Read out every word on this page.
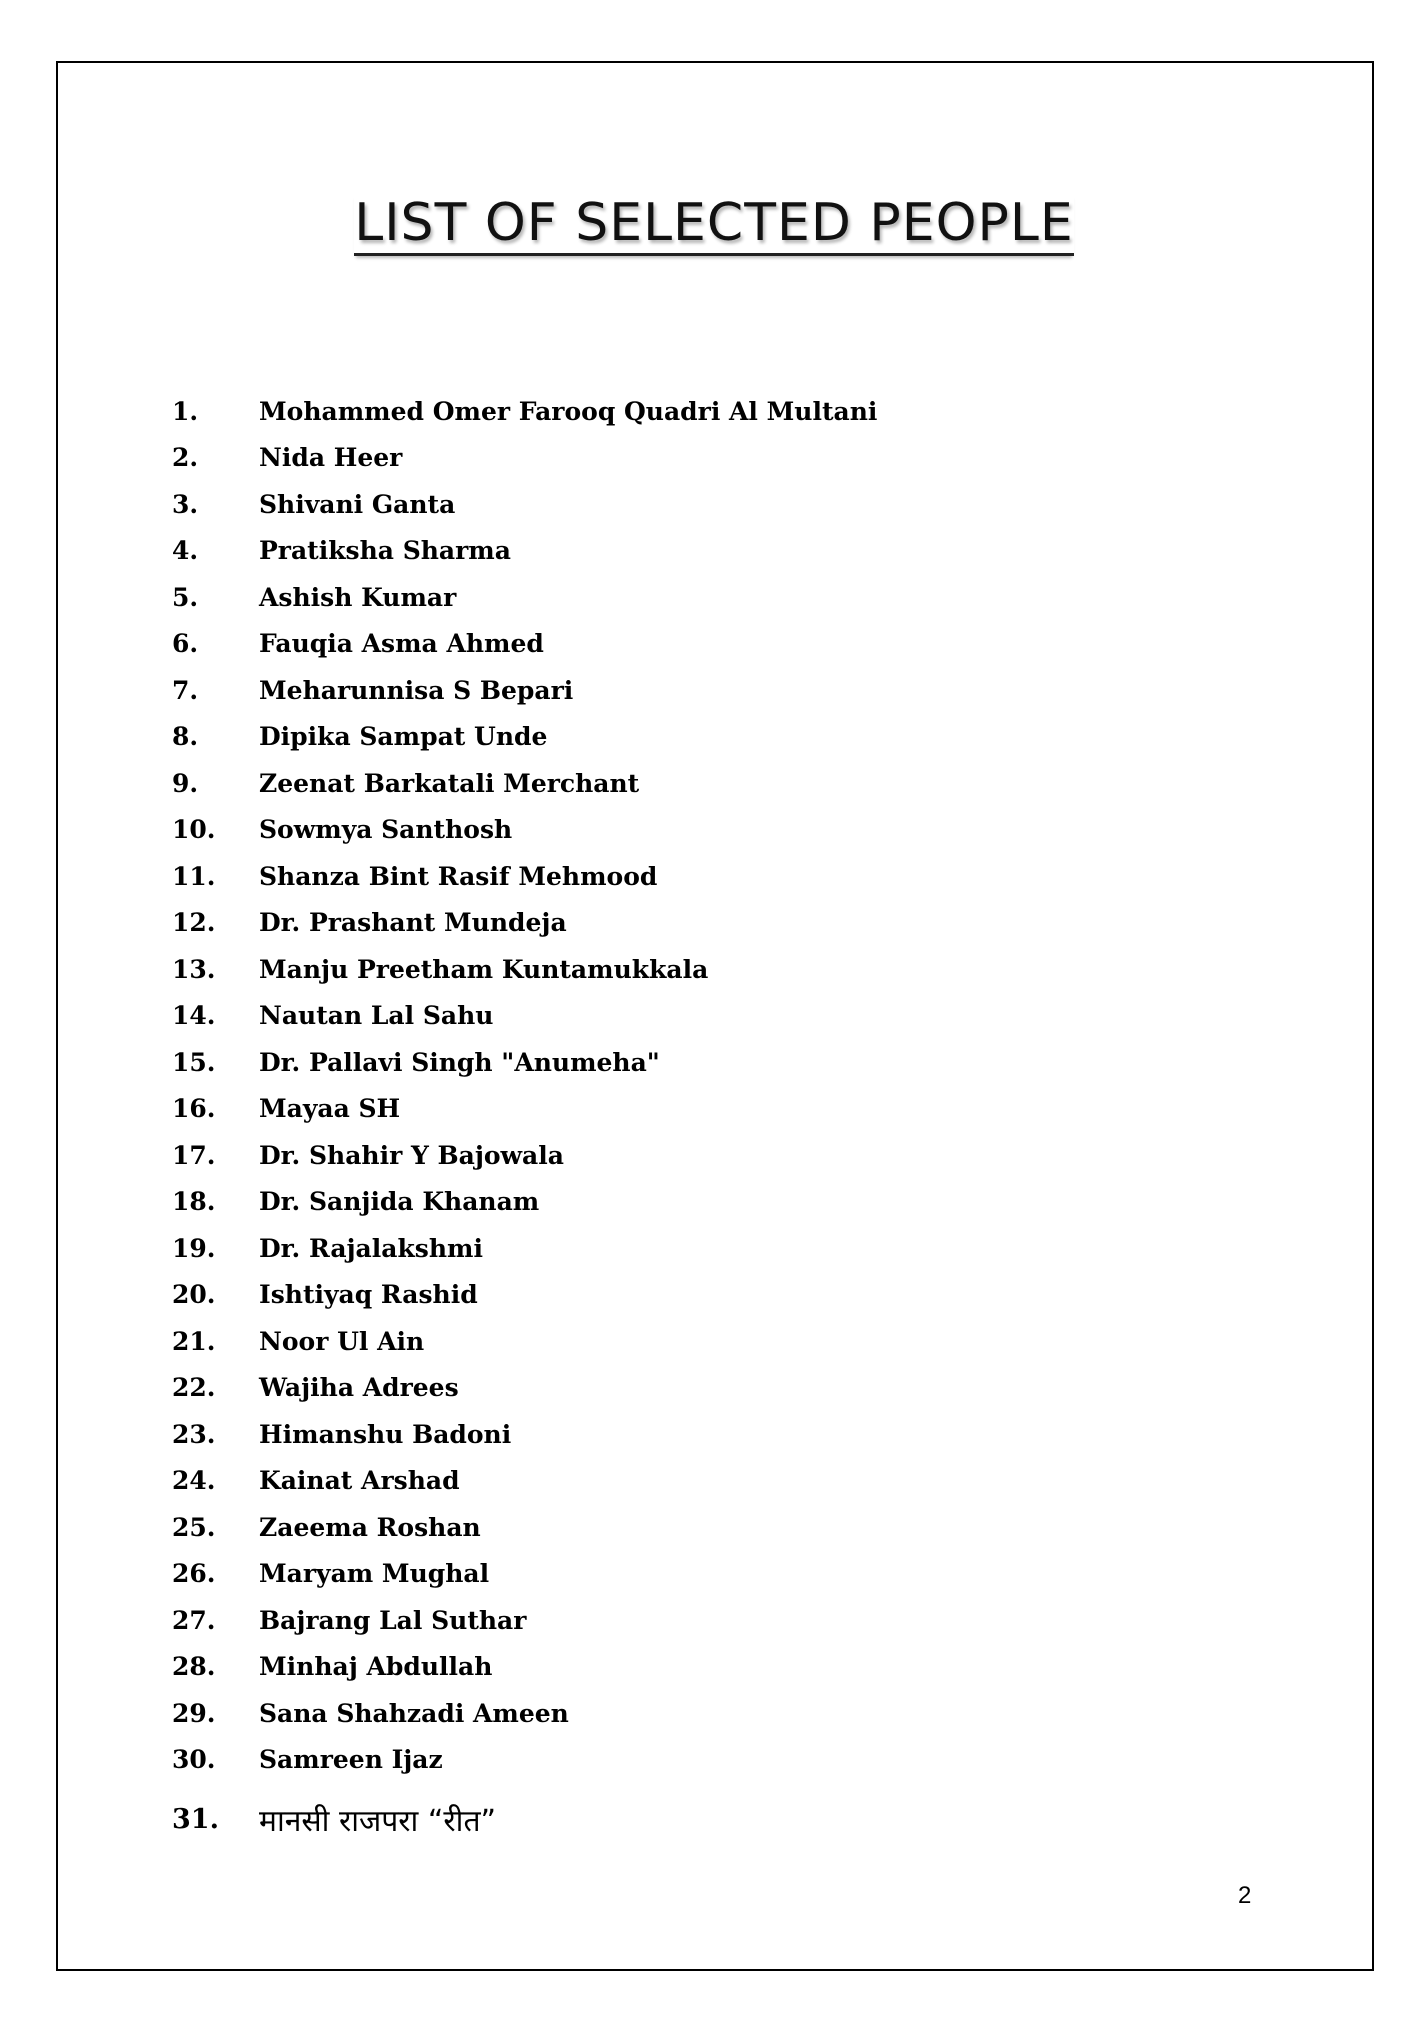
LIST OF SELECTED PEOPLE
1.	Mohammed Omer Farooq Quadri Al Multani
2.	Nida Heer
3.	Shivani Ganta
4.	Pratiksha Sharma
5.	Ashish Kumar
6.	Fauqia Asma Ahmed
7.	Meharunnisa S Bepari
8.	Dipika Sampat Unde
9.	Zeenat Barkatali Merchant
10.	Sowmya Santhosh
11.	Shanza Bint Rasif Mehmood
12.	Dr. Prashant Mundeja
13.	Manju Preetham Kuntamukkala
14.	Nautan Lal Sahu
15.	Dr. Pallavi Singh "Anumeha"
16.	Mayaa SH
17.	Dr. Shahir Y Bajowala
18.	Dr. Sanjida Khanam
19.	Dr. Rajalakshmi
20.	Ishtiyaq Rashid
21.	Noor Ul Ain
22.	Wajiha Adrees
23.	Himanshu Badoni
24.	Kainat Arshad
25.	Zaeema Roshan
26.	Maryam Mughal
27.	Bajrang Lal Suthar
28.	Minhaj Abdullah
29.	Sana Shahzadi Ameen
30.	Samreen Ijaz
31.	मानसी राजपरा “रीत”
2
